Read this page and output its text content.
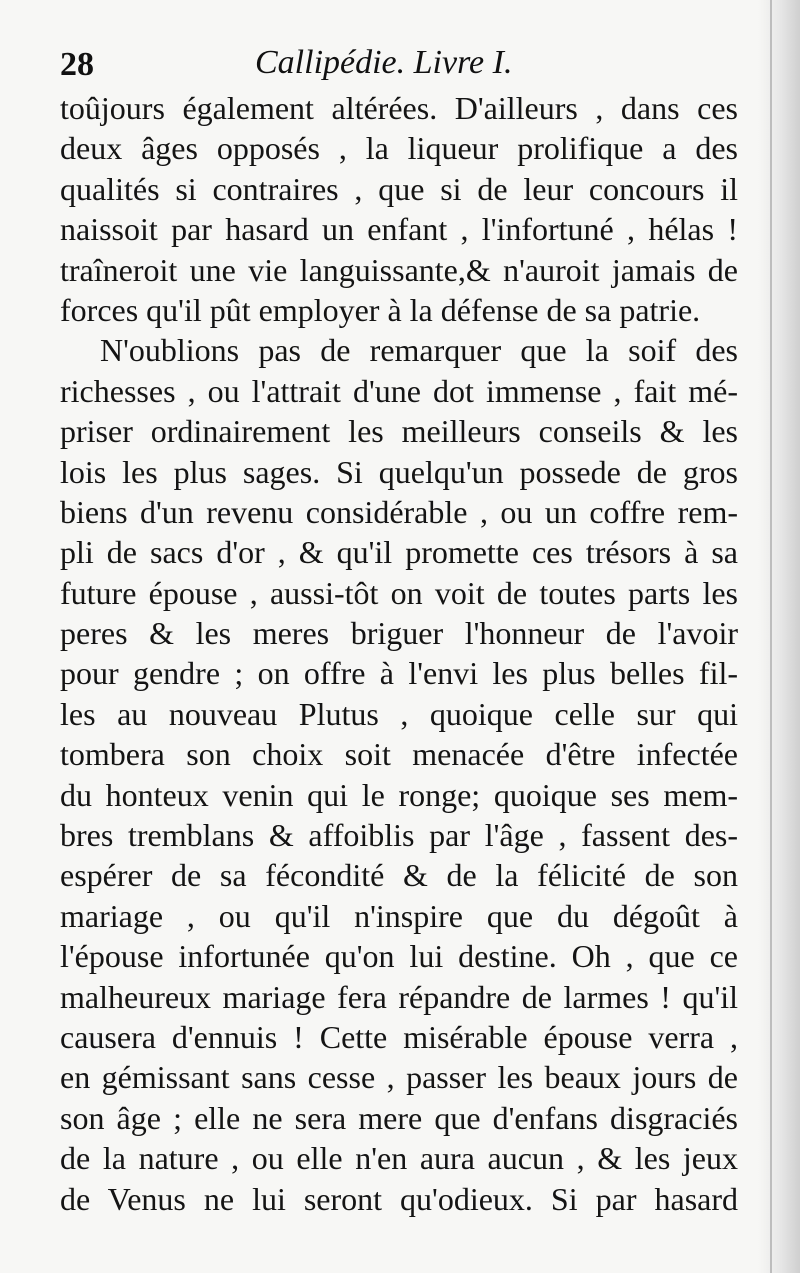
28	Callipédie. Livre I.
toûjours également altérées. D'ailleurs , dans ces
deux âges opposés , la liqueur prolifique a des
qualités si contraires , que si de leur concours il
naissoit par hasard un enfant , l'infortuné , hélas !
traîneroit une vie languissante,& n'auroit jamais de
forces qu'il pût employer à la défense de sa patrie.
N'oublions pas de remarquer que la soif des
richesses , ou l'attrait d'une dot immense , fait mé-
priser ordinairement les meilleurs conseils & les
lois les plus sages. Si quelqu'un possede de gros
biens d'un revenu considérable , ou un coffre rem-
pli de sacs d'or , & qu'il promette ces trésors à sa
future épouse , aussi-tôt on voit de toutes parts les
peres & les meres briguer l'honneur de l'avoir
pour gendre ; on offre à l'envi les plus belles fil-
les au nouveau Plutus , quoique celle sur qui
tombera son choix soit menacée d'être infectée
du honteux venin qui le ronge; quoique ses mem-
bres tremblans & affoiblis par l'âge , fassent des-
espérer de sa fécondité & de la félicité de son
mariage , ou qu'il n'inspire que du dégoût à
l'épouse infortunée qu'on lui destine. Oh , que ce
malheureux mariage fera répandre de larmes ! qu'il
causera d'ennuis ! Cette misérable épouse verra ,
en gémissant sans cesse , passer les beaux jours de
son âge ; elle ne sera mere que d'enfans disgraciés
de la nature , ou elle n'en aura aucun , & les jeux
de Venus ne lui seront qu'odieux. Si par hasard
